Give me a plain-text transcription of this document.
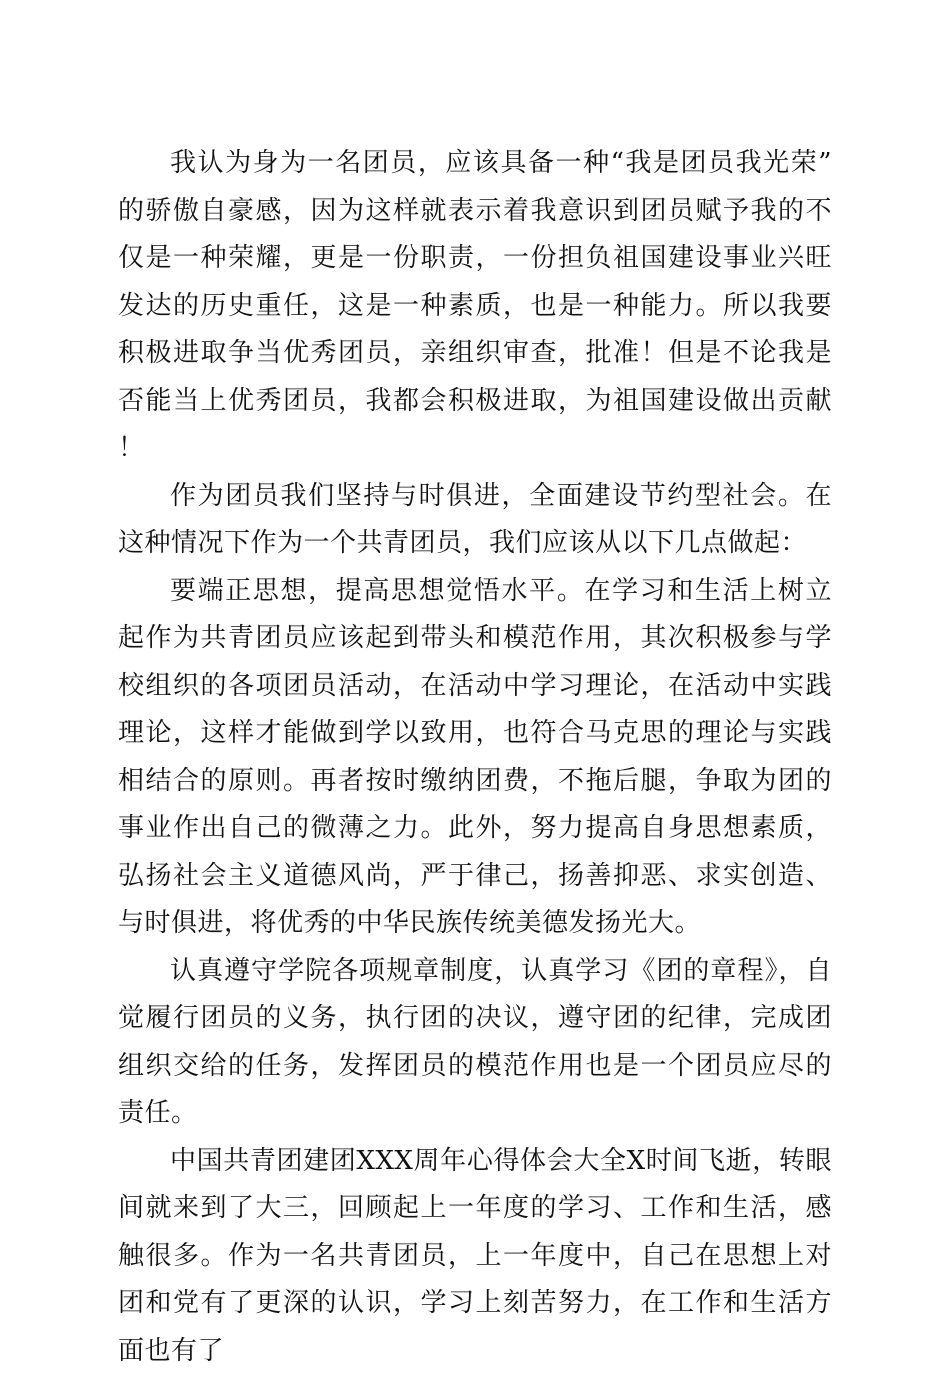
我认为身为一名团员，应该具备一种“我是团员我光荣”的骄傲自豪感，因为这样就表示着我意识到团员赋予我的不仅是一种荣耀，更是一份职责，一份担负祖国建设事业兴旺发达的历史重任，这是一种素质，也是一种能力。所以我要积极进取争当优秀团员，亲组织审查，批准！但是不论我是否能当上优秀团员，我都会积极进取，为祖国建设做出贡献！

作为团员我们坚持与时俱进，全面建设节约型社会。在这种情况下作为一个共青团员，我们应该从以下几点做起：

要端正思想，提高思想觉悟水平。在学习和生活上树立起作为共青团员应该起到带头和模范作用，其次积极参与学校组织的各项团员活动，在活动中学习理论，在活动中实践理论，这样才能做到学以致用，也符合马克思的理论与实践相结合的原则。再者按时缴纳团费，不拖后腿，争取为团的事业作出自己的微薄之力。此外，努力提高自身思想素质，弘扬社会主义道德风尚，严于律己，扬善抑恶、求实创造、与时俱进，将优秀的中华民族传统美德发扬光大。

认真遵守学院各项规章制度，认真学习《团的章程》，自觉履行团员的义务，执行团的决议，遵守团的纪律，完成团组织交给的任务，发挥团员的模范作用也是一个团员应尽的责任。

中国共青团建团XXX周年心得体会大全X时间飞逝，转眼间就来到了大三，回顾起上一年度的学习、工作和生活，感触很多。作为一名共青团员，上一年度中，自己在思想上对团和党有了更深的认识，学习上刻苦努力，在工作和生活方面也有了
